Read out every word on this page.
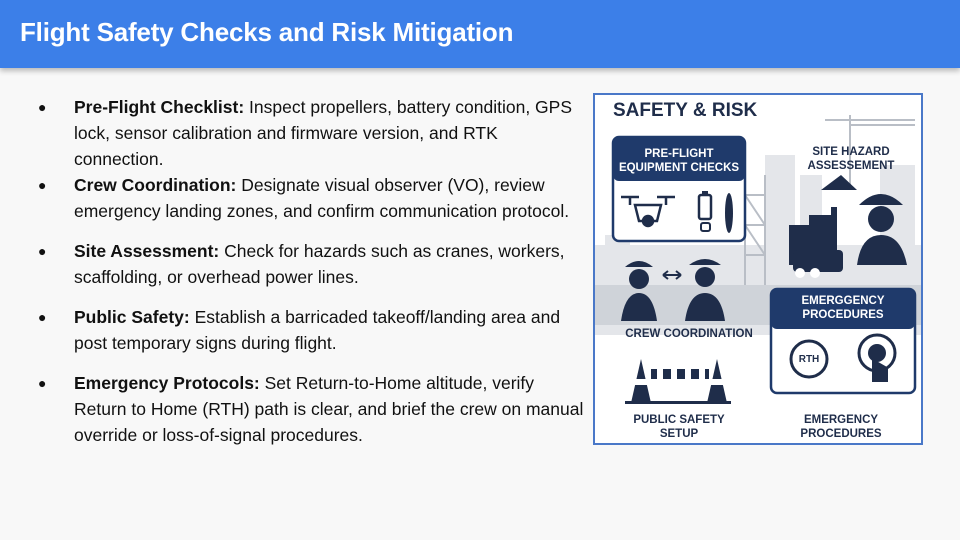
Flight Safety Checks and Risk Mitigation
● Pre-Flight Checklist: Inspect propellers, battery condition, GPS lock, sensor calibration and firmware version, and RTK connection.
● Crew Coordination: Designate visual observer (VO), review emergency landing zones, and confirm communication protocol.
● Site Assessment: Check for hazards such as cranes, workers, scaffolding, or overhead power lines.
● Public Safety: Establish a barricaded takeoff/landing area and post temporary signs during flight.
● Emergency Protocols: Set Return-to-Home altitude, verify Return to Home (RTH) path is clear, and brief the crew on manual override or loss-of-signal procedures.
SAFETY & RISK
PRE-FLIGHT
EQUIPMENT CHECKS
SITE HAZARD
ASSESSEMENT
CREW COORDINATION
EMERGGENCY
PROCEDURES
RTH
PUBLIC SAFETY
SETUP
EMERGENCY
PROCEDURES
